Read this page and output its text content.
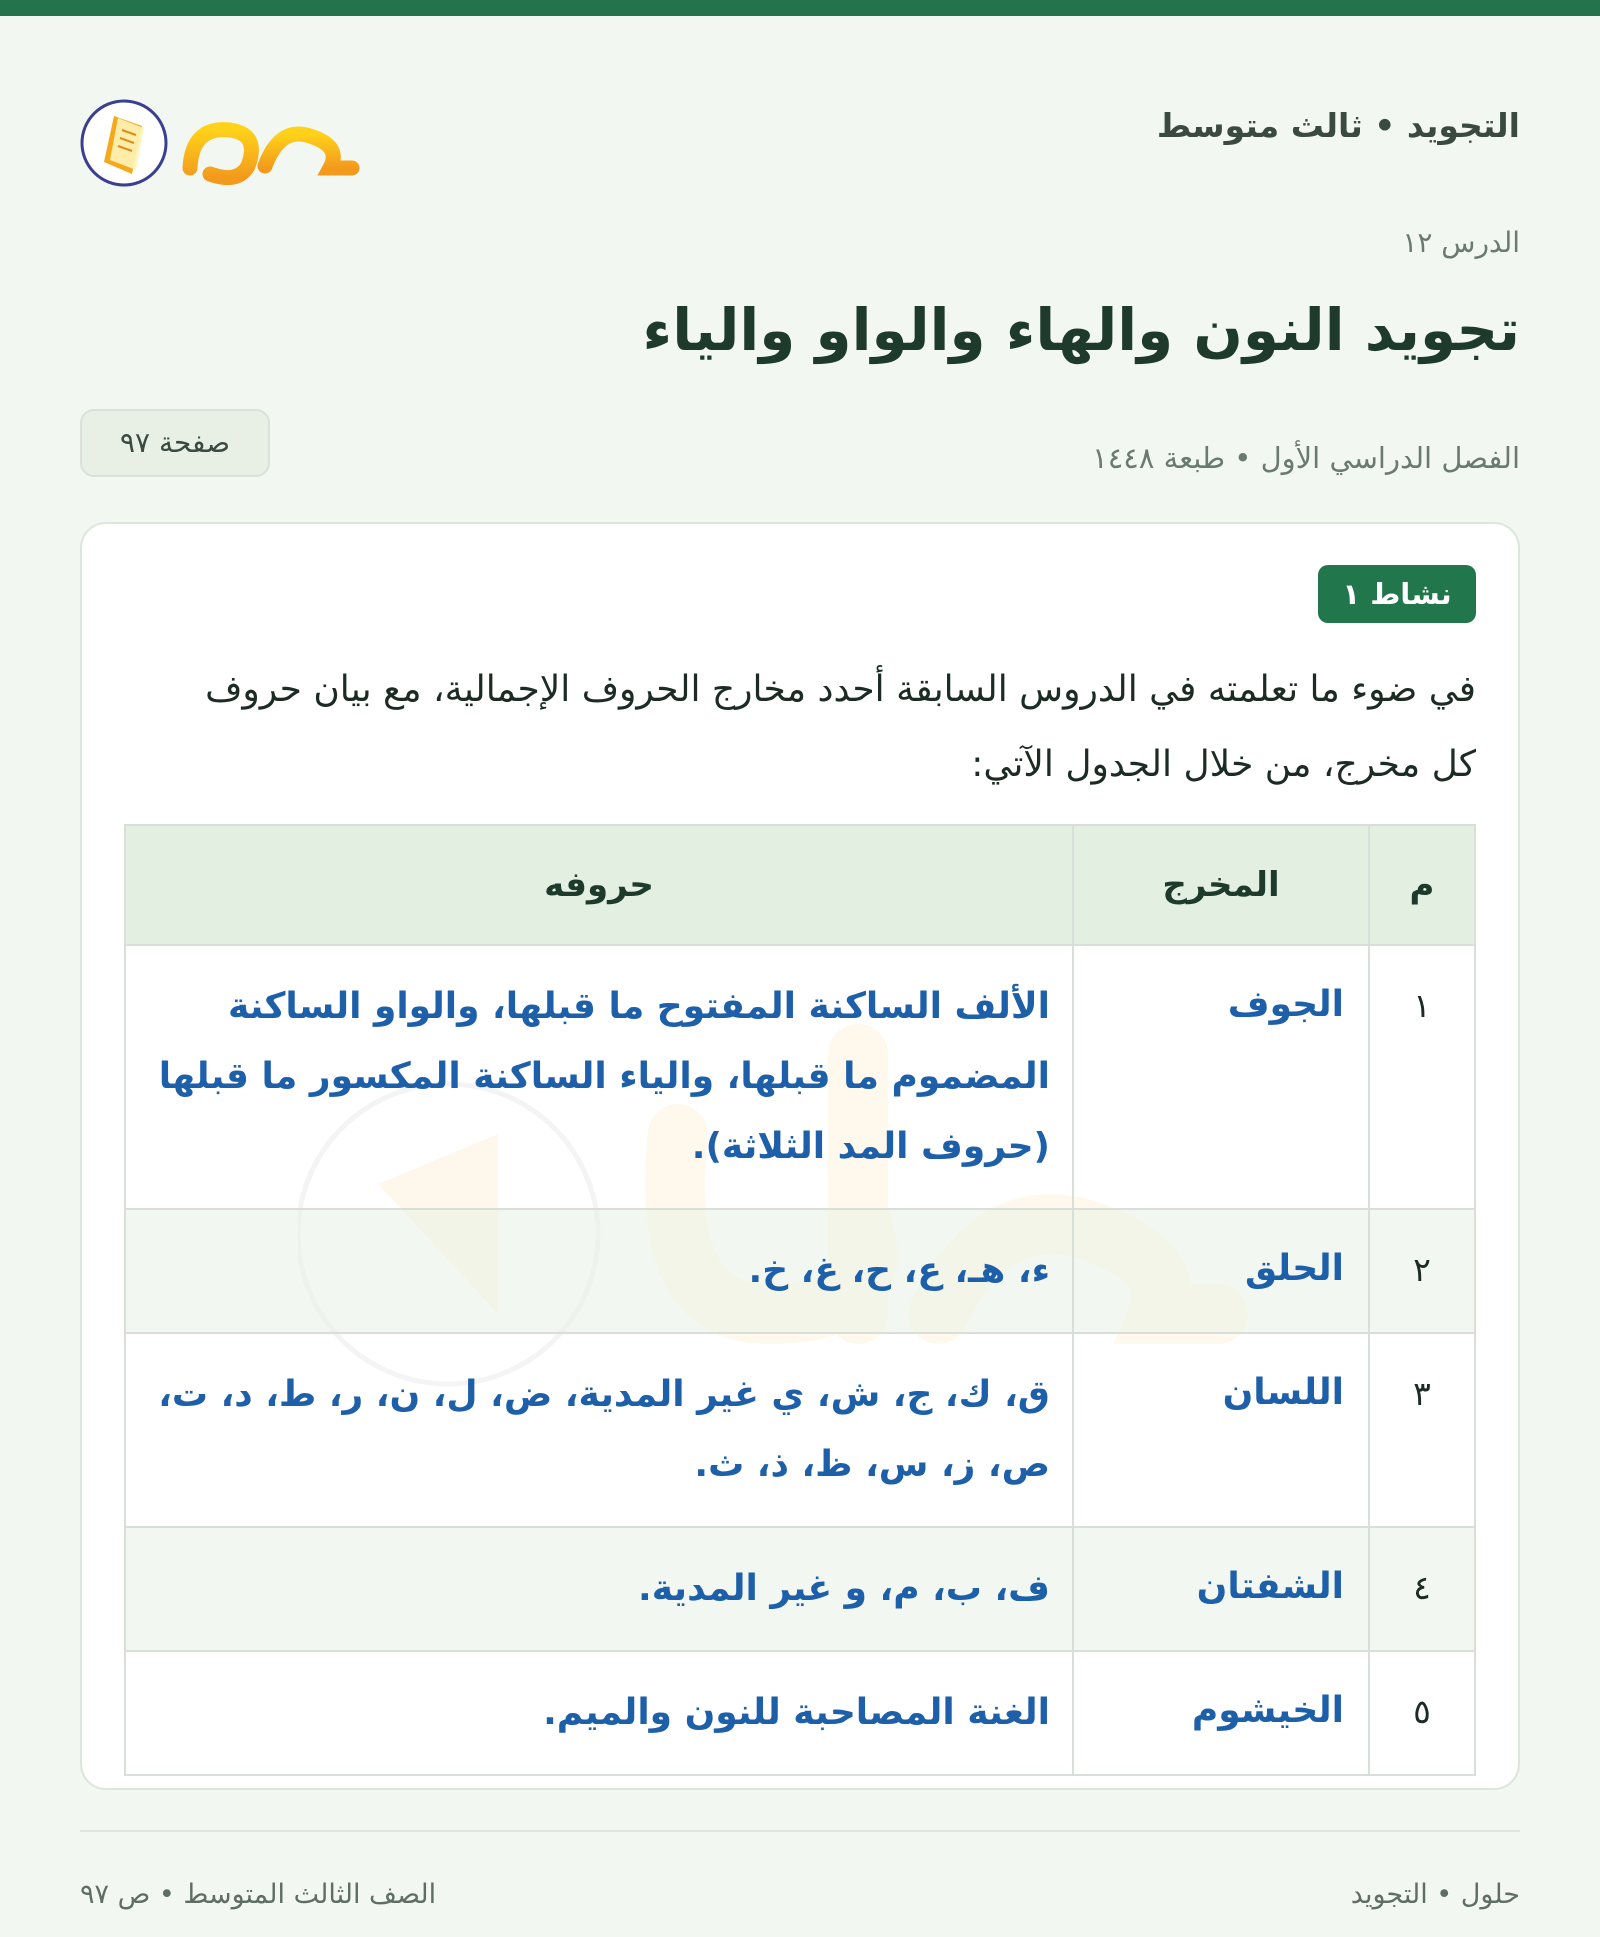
التجويد • ثالث متوسط
الدرس ١٢
تجويد النون والهاء والواو والياء
الفصل الدراسي الأول • طبعة ١٤٤٨
صفحة ٩٧
نشاط ١

في ضوء ما تعلمته في الدروس السابقة أحدد مخارج الحروف الإجمالية، مع بيان حروف كل مخرج، من خلال الجدول الآتي:

م	المخرج	حروفه
١	الجوف	الألف الساكنة المفتوح ما قبلها، والواو الساكنة المضموم ما قبلها، والياء الساكنة المكسور ما قبلها (حروف المد الثلاثة).
٢	الحلق	ء، هـ، ع، ح، غ، خ.
٣	اللسان	ق، ك، ج، ش، ي غير المدية، ض، ل، ن، ر، ط، د، ت، ص، ز، س، ظ، ذ، ث.
٤	الشفتان	ف، ب، م، و غير المدية.
٥	الخيشوم	الغنة المصاحبة للنون والميم.
حلول • التجويد
الصف الثالث المتوسط • ص ٩٧
